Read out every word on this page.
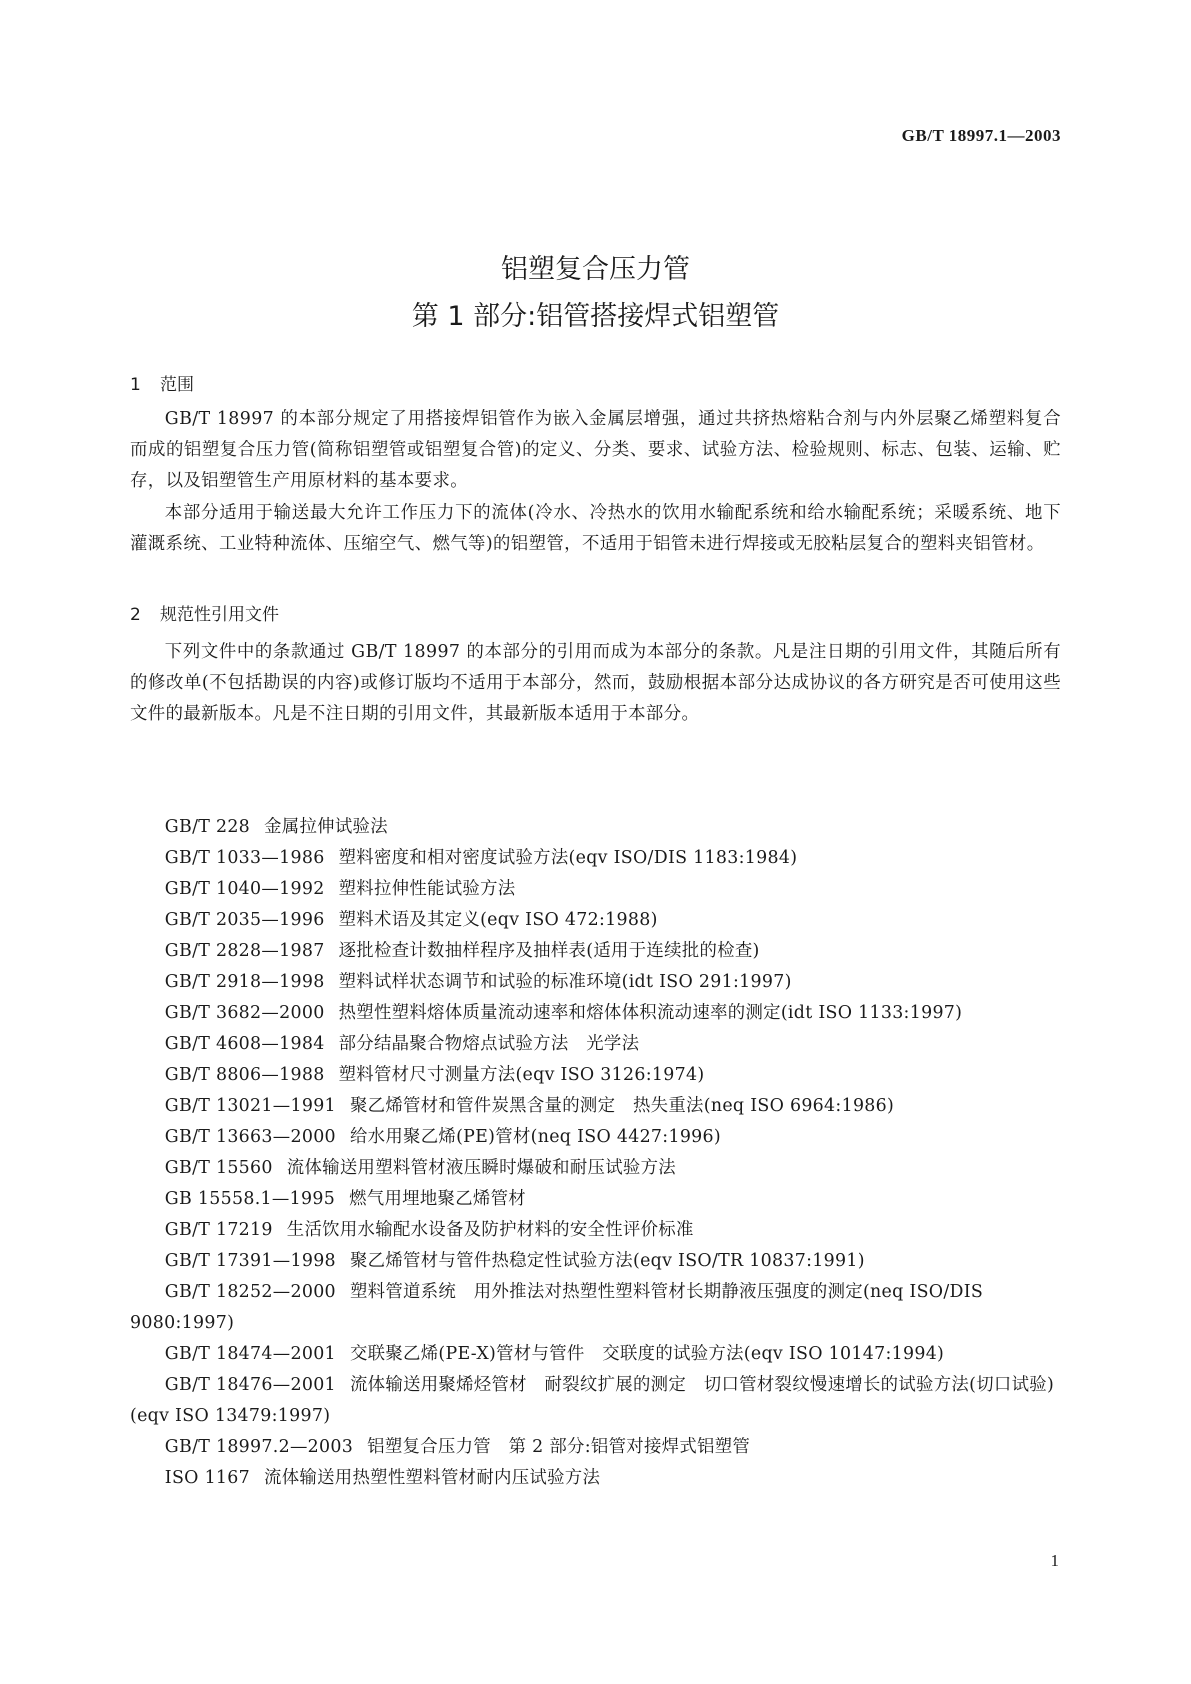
GB/T 18997.1—2003
铝塑复合压力管
第 1 部分:铝管搭接焊式铝塑管
1 范围

GB/T 18997 的本部分规定了用搭接焊铝管作为嵌入金属层增强，通过共挤热熔粘合剂与内外层聚乙烯塑料复合而成的铝塑复合压力管(简称铝塑管或铝塑复合管)的定义、分类、要求、试验方法、检验规则、标志、包装、运输、贮存，以及铝塑管生产用原材料的基本要求。

本部分适用于输送最大允许工作压力下的流体(冷水、冷热水的饮用水输配系统和给水输配系统；采暖系统、地下灌溉系统、工业特种流体、压缩空气、燃气等)的铝塑管，不适用于铝管未进行焊接或无胶粘层复合的塑料夹铝管材。

2 规范性引用文件

下列文件中的条款通过 GB/T 18997 的本部分的引用而成为本部分的条款。凡是注日期的引用文件，其随后所有的修改单(不包括勘误的内容)或修订版均不适用于本部分，然而，鼓励根据本部分达成协议的各方研究是否可使用这些文件的最新版本。凡是不注日期的引用文件，其最新版本适用于本部分。

GB/T 228 金属拉伸试验法

GB/T 1033—1986 塑料密度和相对密度试验方法(eqv ISO/DIS 1183:1984)

GB/T 1040—1992 塑料拉伸性能试验方法

GB/T 2035—1996 塑料术语及其定义(eqv ISO 472:1988)

GB/T 2828—1987 逐批检查计数抽样程序及抽样表(适用于连续批的检查)

GB/T 2918—1998 塑料试样状态调节和试验的标准环境(idt ISO 291:1997)

GB/T 3682—2000 热塑性塑料熔体质量流动速率和熔体体积流动速率的测定(idt ISO 1133:1997)

GB/T 4608—1984 部分结晶聚合物熔点试验方法　光学法

GB/T 8806—1988 塑料管材尺寸测量方法(eqv ISO 3126:1974)

GB/T 13021—1991 聚乙烯管材和管件炭黑含量的测定　热失重法(neq ISO 6964:1986)

GB/T 13663—2000 给水用聚乙烯(PE)管材(neq ISO 4427:1996)

GB/T 15560 流体输送用塑料管材液压瞬时爆破和耐压试验方法

GB 15558.1—1995 燃气用埋地聚乙烯管材

GB/T 17219 生活饮用水输配水设备及防护材料的安全性评价标准

GB/T 17391—1998 聚乙烯管材与管件热稳定性试验方法(eqv ISO/TR 10837:1991)

GB/T 18252—2000 塑料管道系统　用外推法对热塑性塑料管材长期静液压强度的测定(neq ISO/DIS 9080:1997)

GB/T 18474—2001 交联聚乙烯(PE-X)管材与管件　交联度的试验方法(eqv ISO 10147:1994)

GB/T 18476—2001 流体输送用聚烯烃管材　耐裂纹扩展的测定　切口管材裂纹慢速增长的试验方法(切口试验)(eqv ISO 13479:1997)

GB/T 18997.2—2003 铝塑复合压力管　第 2 部分:铝管对接焊式铝塑管

ISO 1167 流体输送用热塑性塑料管材耐内压试验方法

1
